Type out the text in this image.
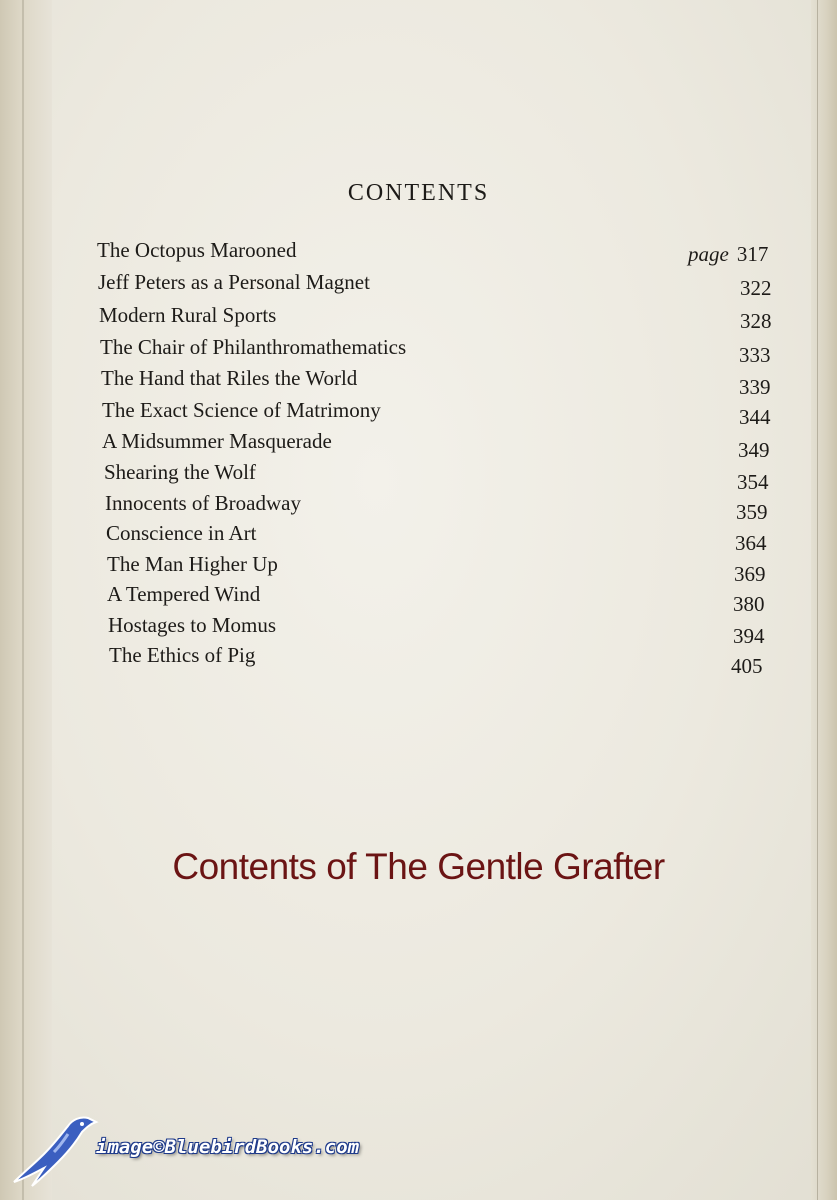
CONTENTS
The Octopus Marooned	page 317
Jeff Peters as a Personal Magnet	322
Modern Rural Sports	328
The Chair of Philanthromathematics	333
The Hand that Riles the World	339
The Exact Science of Matrimony	344
A Midsummer Masquerade	349
Shearing the Wolf	354
Innocents of Broadway	359
Conscience in Art	364
The Man Higher Up	369
A Tempered Wind	380
Hostages to Momus	394
The Ethics of Pig	405
Contents of The Gentle Grafter
image©BluebirdBooks.com
